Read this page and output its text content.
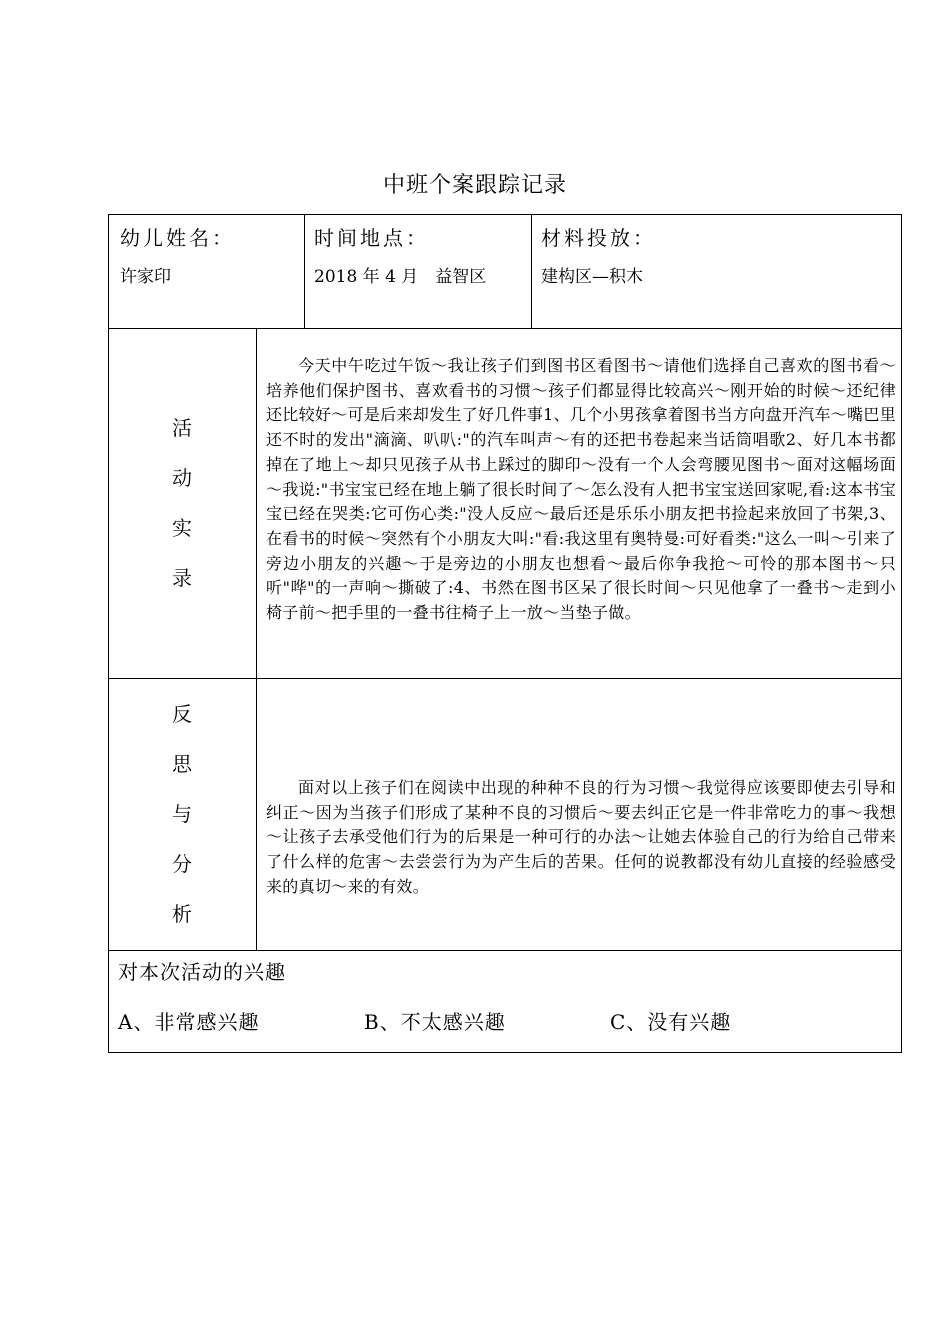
中班个案跟踪记录
幼儿姓名：
许家印
时间地点：
2018 年 4 月　益智区
材料投放：
建构区—积木
活
动
实
录
今天中午吃过午饭～我让孩子们到图书区看图书～请他们选择自己喜欢的图书看～培养他们保护图书、喜欢看书的习惯～孩子们都显得比较高兴～刚开始的时候～还纪律还比较好～可是后来却发生了好几件事1、几个小男孩拿着图书当方向盘开汽车～嘴巴里还不时的发出"滴滴、叭叭:"的汽车叫声～有的还把书卷起来当话筒唱歌2、好几本书都掉在了地上～却只见孩子从书上踩过的脚印～没有一个人会弯腰见图书～面对这幅场面～我说:"书宝宝已经在地上躺了很长时间了～怎么没有人把书宝宝送回家呢,看:这本书宝宝已经在哭类:它可伤心类:"没人反应～最后还是乐乐小朋友把书捡起来放回了书架,3、在看书的时候～突然有个小朋友大叫:"看:我这里有奥特曼:可好看类:"这么一叫～引来了旁边小朋友的兴趣～于是旁边的小朋友也想看～最后你争我抢～可怜的那本图书～只听"哗"的一声响～撕破了:4、书然在图书区呆了很长时间～只见他拿了一叠书～走到小椅子前～把手里的一叠书往椅子上一放～当垫子做。
反
思
与
分
析
面对以上孩子们在阅读中出现的种种不良的行为习惯～我觉得应该要即使去引导和纠正～因为当孩子们形成了某种不良的习惯后～要去纠正它是一件非常吃力的事～我想～让孩子去承受他们行为的后果是一种可行的办法～让她去体验自己的行为给自己带来了什么样的危害～去尝尝行为为产生后的苦果。任何的说教都没有幼儿直接的经验感受来的真切～来的有效。
对本次活动的兴趣
A、非常感兴趣	B、不太感兴趣	C、没有兴趣
